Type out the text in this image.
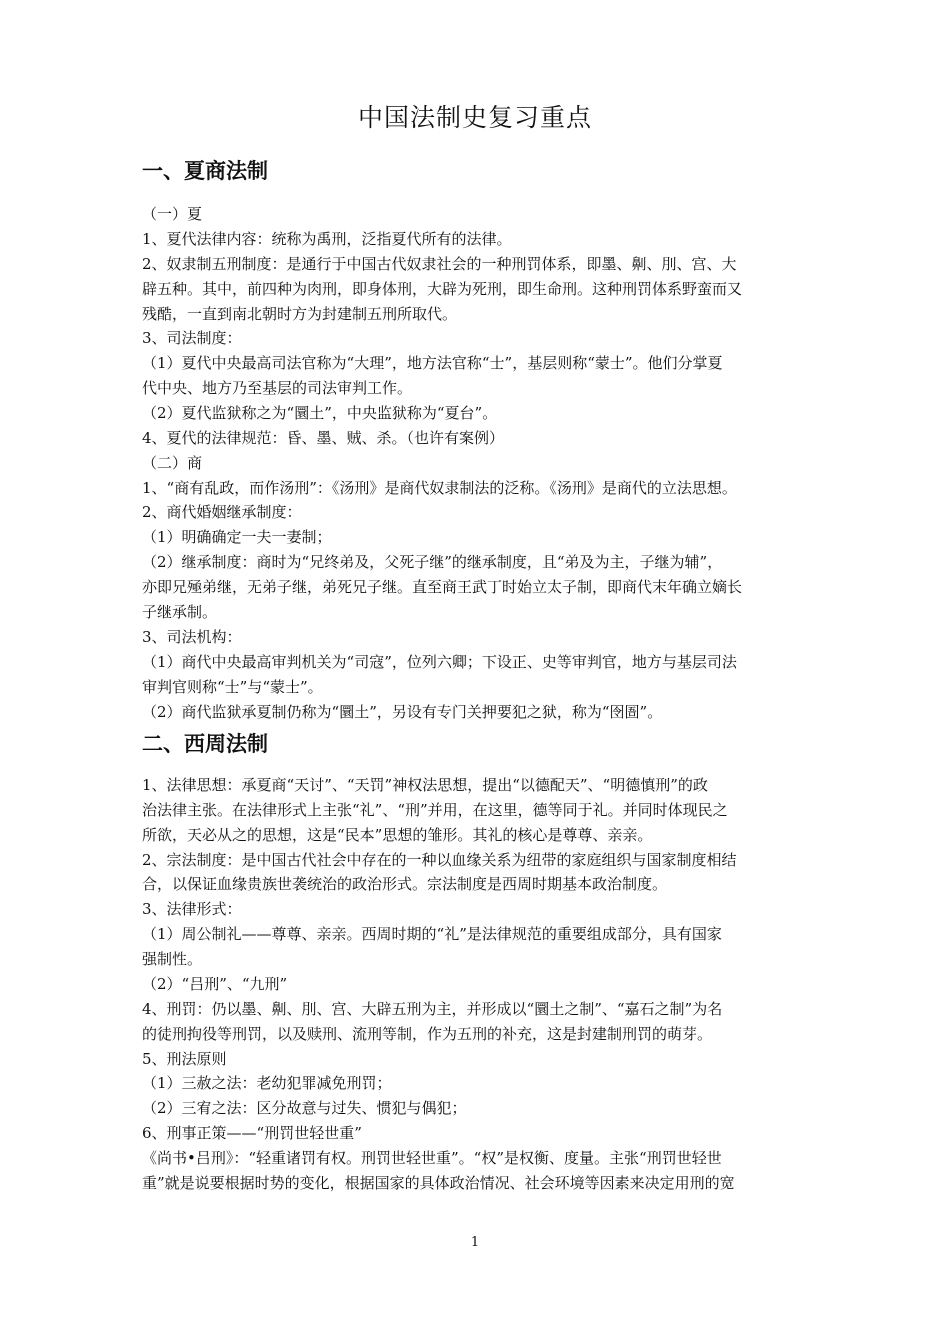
中国法制史复习重点
一、夏商法制
（一）夏
1、夏代法律内容：统称为禹刑，泛指夏代所有的法律。
2、奴隶制五刑制度：是通行于中国古代奴隶社会的一种刑罚体系，即墨、劓、刖、宫、大
辟五种。其中，前四种为肉刑，即身体刑，大辟为死刑，即生命刑。这种刑罚体系野蛮而又
残酷，一直到南北朝时方为封建制五刑所取代。
3、司法制度：
（1）夏代中央最高司法官称为“大理”，地方法官称“士”，基层则称“蒙士”。他们分掌夏
代中央、地方乃至基层的司法审判工作。
（2）夏代监狱称之为“圜土”，中央监狱称为“夏台”。
4、夏代的法律规范：昏、墨、贼、杀。（也许有案例）
（二）商
1、“商有乱政，而作汤刑”：《汤刑》是商代奴隶制法的泛称。《汤刑》是商代的立法思想。
2、商代婚姻继承制度：
（1）明确确定一夫一妻制；
（2）继承制度：商时为“兄终弟及，父死子继”的继承制度，且“弟及为主，子继为辅”，
亦即兄殛弟继，无弟子继，弟死兄子继。直至商王武丁时始立太子制，即商代末年确立嫡长
子继承制。
3、司法机构：
（1）商代中央最高审判机关为“司寇”，位列六卿；下设正、史等审判官，地方与基层司法
审判官则称“士”与“蒙士”。
（2）商代监狱承夏制仍称为“圜土”，另设有专门关押要犯之狱，称为“囹圄”。
二、西周法制
1、法律思想：承夏商“天讨”、“天罚”神权法思想，提出“以德配天”、“明德慎刑”的政
治法律主张。在法律形式上主张“礼”、“刑”并用，在这里，德等同于礼。并同时体现民之
所欲，天必从之的思想，这是“民本”思想的雏形。其礼的核心是尊尊、亲亲。
2、宗法制度：是中国古代社会中存在的一种以血缘关系为纽带的家庭组织与国家制度相结
合，以保证血缘贵族世袭统治的政治形式。宗法制度是西周时期基本政治制度。
3、法律形式：
（1）周公制礼——尊尊、亲亲。西周时期的“礼”是法律规范的重要组成部分，具有国家
强制性。
（2）“吕刑”、“九刑”
4、刑罚：仍以墨、劓、刖、宫、大辟五刑为主，并形成以“圜土之制”、“嘉石之制”为名
的徒刑拘役等刑罚，以及赎刑、流刑等制，作为五刑的补充，这是封建制刑罚的萌芽。
5、刑法原则
（1）三赦之法：老幼犯罪减免刑罚；
（2）三宥之法：区分故意与过失、惯犯与偶犯；
6、刑事正策——“刑罚世轻世重”
《尚书•吕刑》：“轻重诸罚有权。刑罚世轻世重”。“权”是权衡、度量。主张“刑罚世轻世
重”就是说要根据时势的变化，根据国家的具体政治情况、社会环境等因素来决定用刑的宽
1
